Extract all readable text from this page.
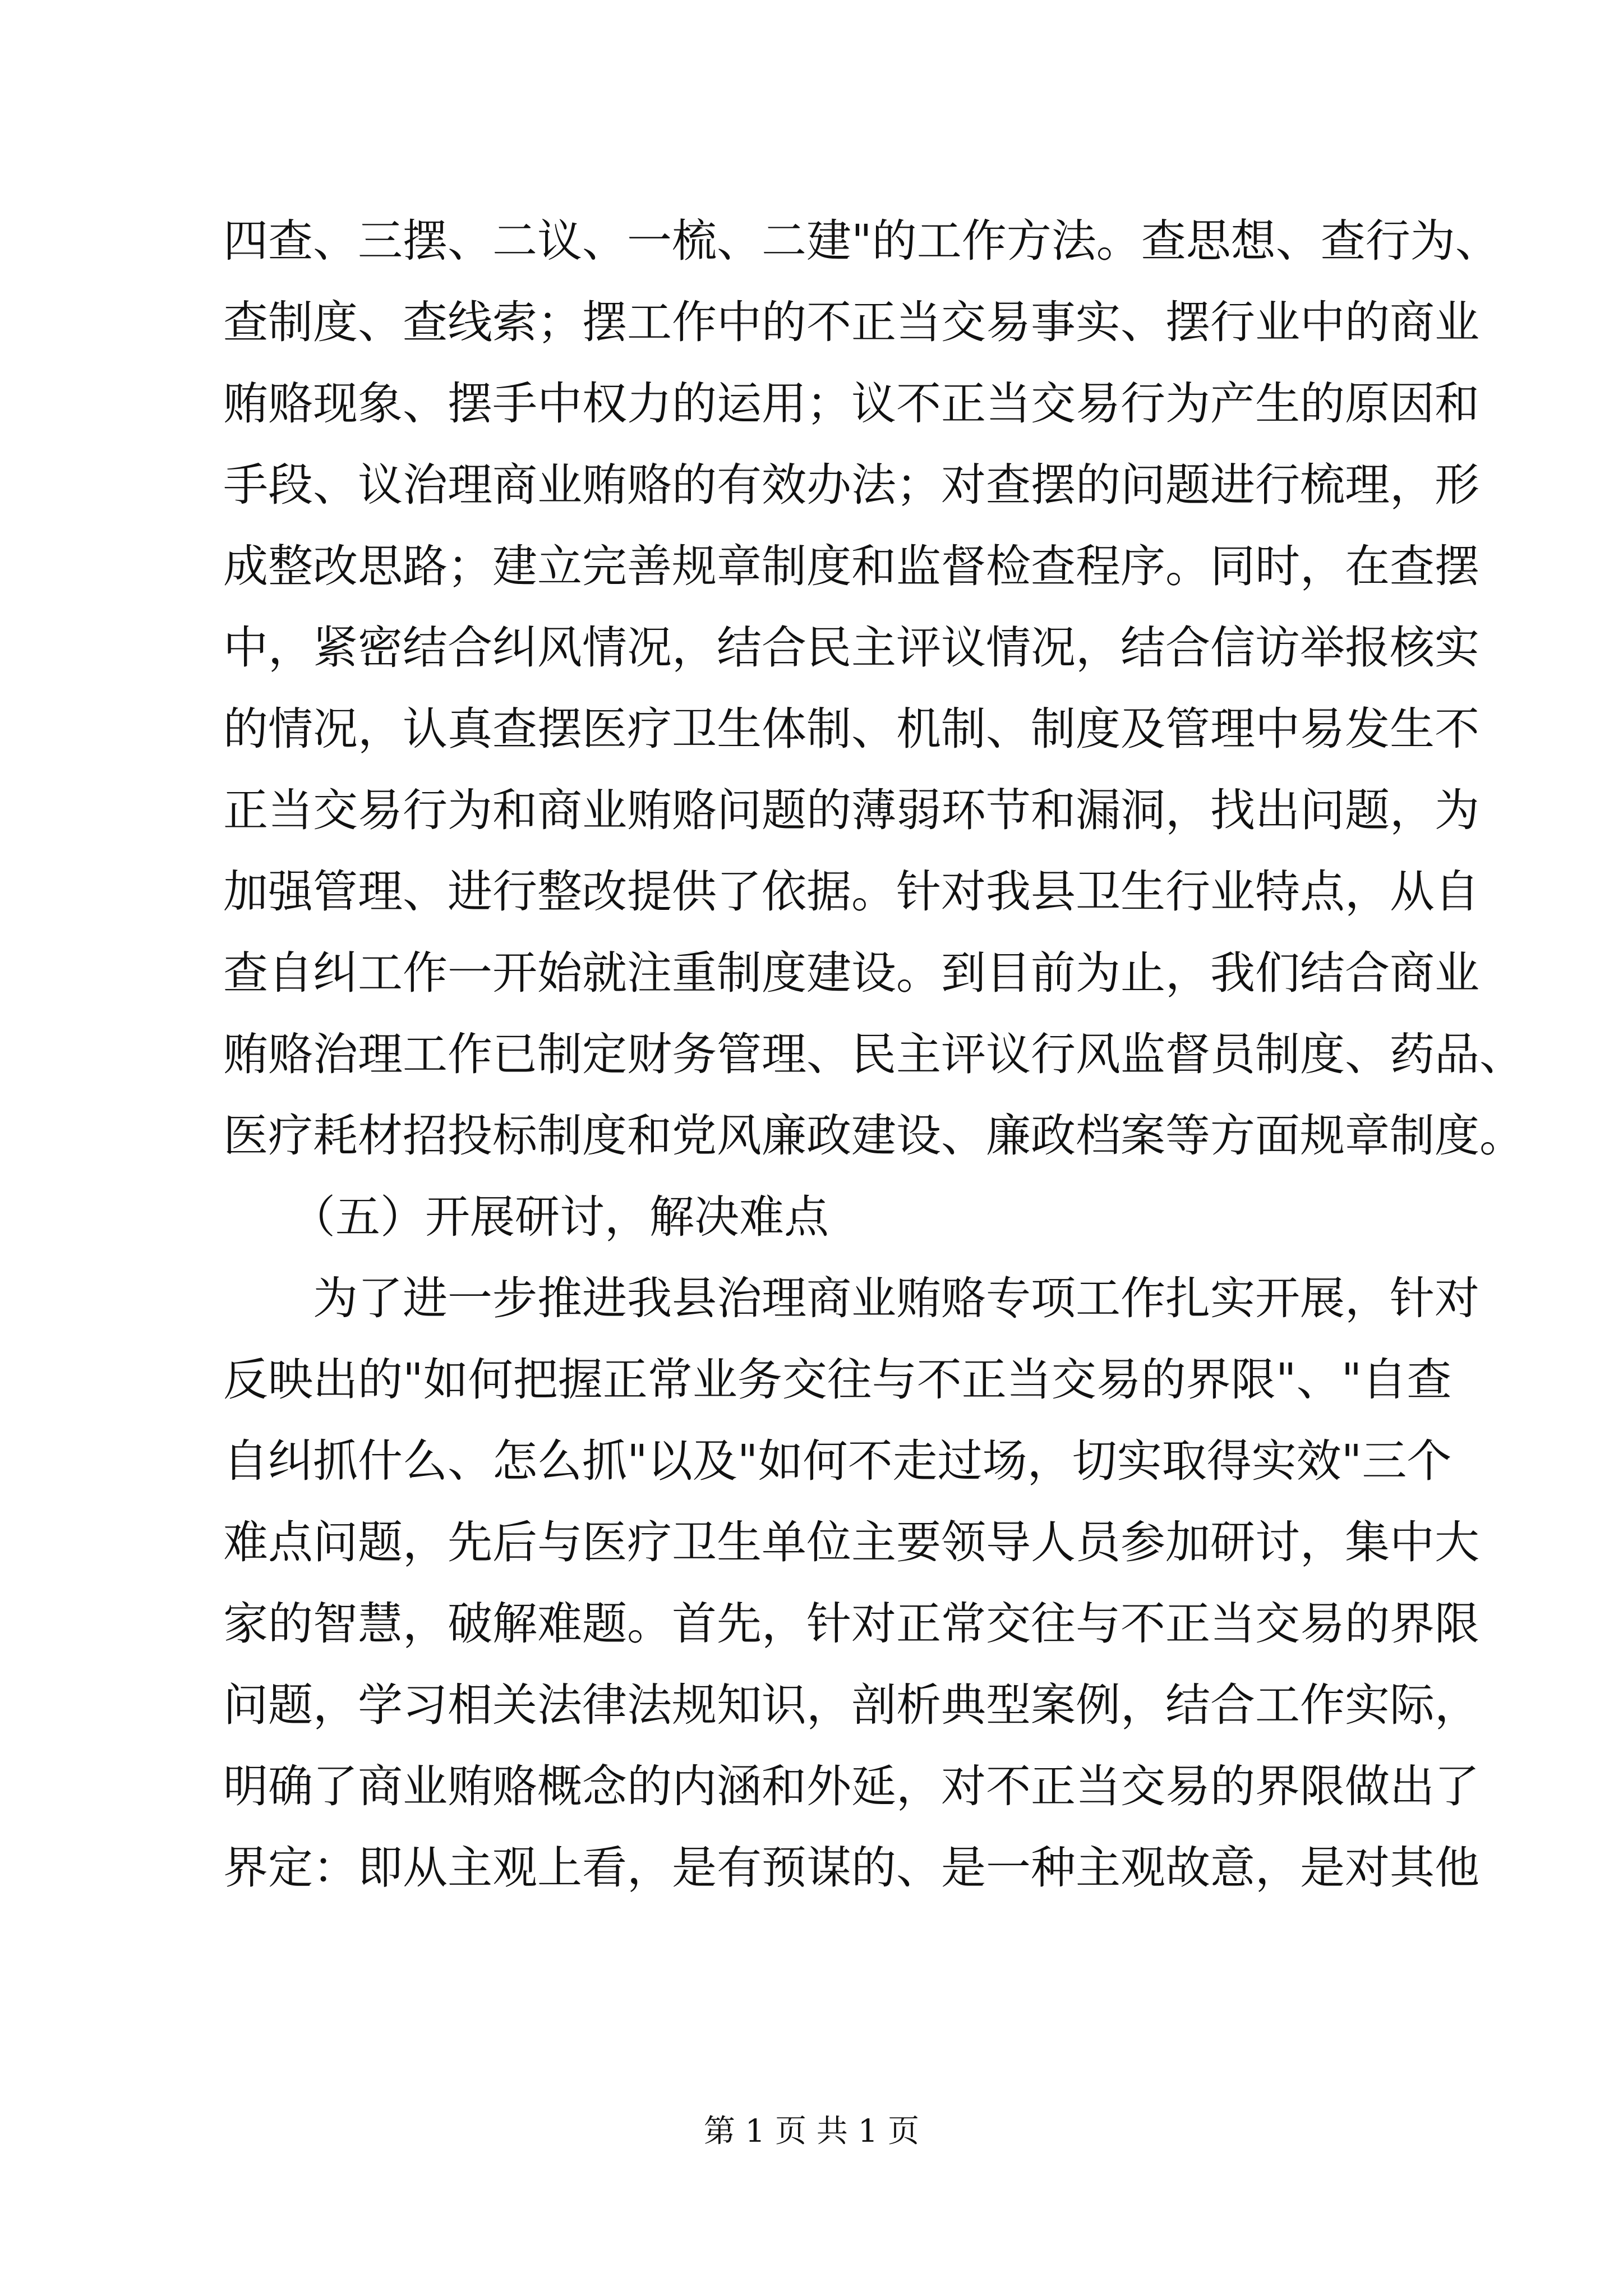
四查、三摆、二议、一梳、二建"的工作方法。查思想、查行为、
查制度、查线索；摆工作中的不正当交易事实、摆行业中的商业
贿赂现象、摆手中权力的运用；议不正当交易行为产生的原因和
手段、议治理商业贿赂的有效办法；对查摆的问题进行梳理，形
成整改思路；建立完善规章制度和监督检查程序。同时，在查摆
中，紧密结合纠风情况，结合民主评议情况，结合信访举报核实
的情况，认真查摆医疗卫生体制、机制、制度及管理中易发生不
正当交易行为和商业贿赂问题的薄弱环节和漏洞，找出问题，为
加强管理、进行整改提供了依据。针对我县卫生行业特点，从自
查自纠工作一开始就注重制度建设。到目前为止，我们结合商业
贿赂治理工作已制定财务管理、民主评议行风监督员制度、药品、
医疗耗材招投标制度和党风廉政建设、廉政档案等方面规章制度。
　　（五）开展研讨，解决难点
　　为了进一步推进我县治理商业贿赂专项工作扎实开展，针对
反映出的"如何把握正常业务交往与不正当交易的界限"、"自查
自纠抓什么、怎么抓"以及"如何不走过场，切实取得实效"三个
难点问题，先后与医疗卫生单位主要领导人员参加研讨，集中大
家的智慧，破解难题。首先，针对正常交往与不正当交易的界限
问题，学习相关法律法规知识，剖析典型案例，结合工作实际，
明确了商业贿赂概念的内涵和外延，对不正当交易的界限做出了
界定：即从主观上看，是有预谋的、是一种主观故意，是对其他
第 1 页 共 1 页
